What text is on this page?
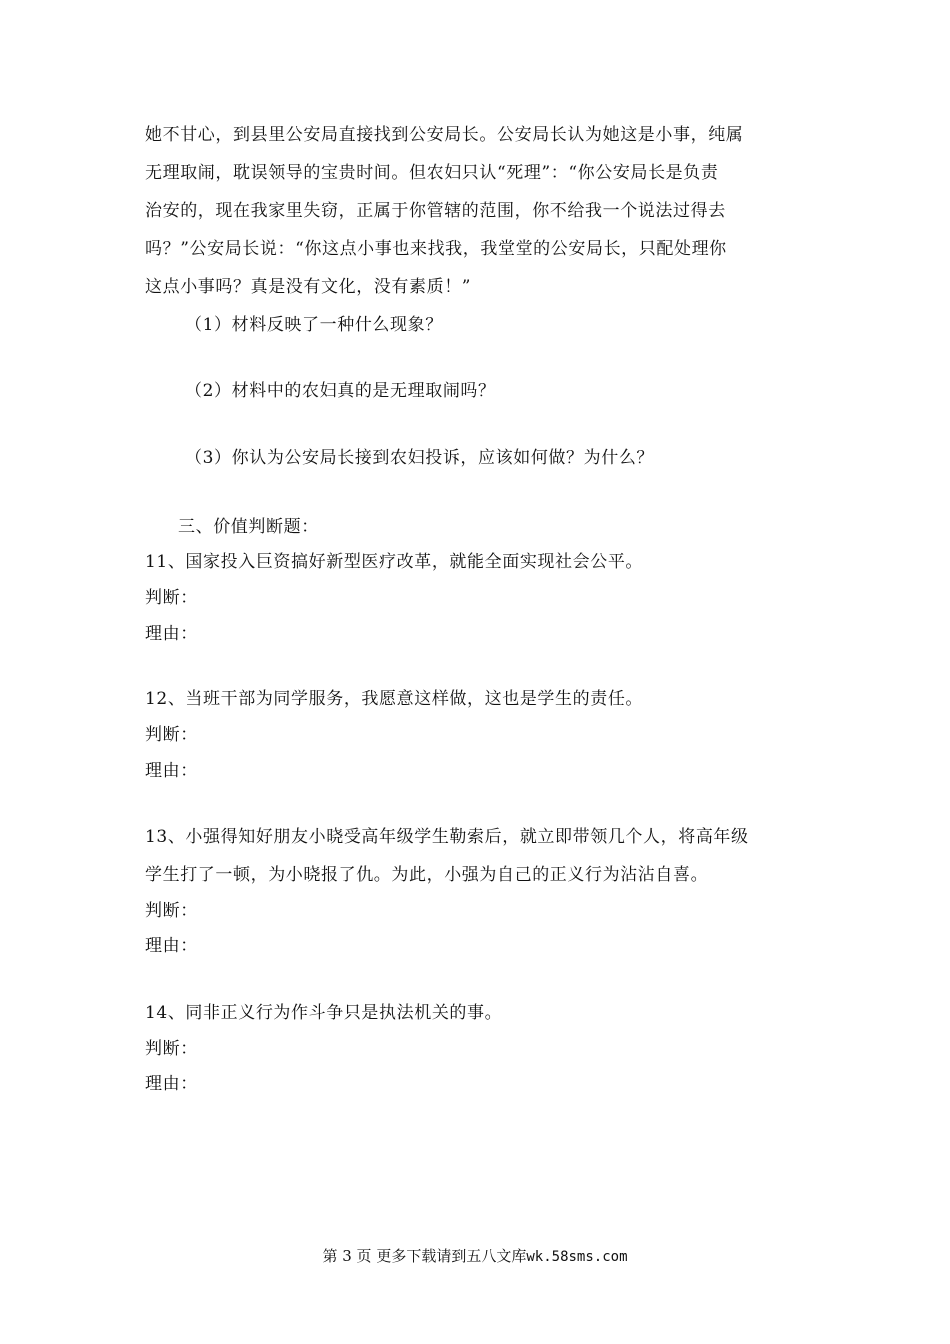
她不甘心，到县里公安局直接找到公安局长。公安局长认为她这是小事，纯属
无理取闹，耽误领导的宝贵时间。但农妇只认“死理”：“你公安局长是负责
治安的，现在我家里失窃，正属于你管辖的范围，你不给我一个说法过得去
吗？”公安局长说：“你这点小事也来找我，我堂堂的公安局长，只配处理你
这点小事吗？真是没有文化，没有素质！”
（1）材料反映了一种什么现象？
（2）材料中的农妇真的是无理取闹吗？
（3）你认为公安局长接到农妇投诉，应该如何做？为什么？
三、价值判断题：
11、国家投入巨资搞好新型医疗改革，就能全面实现社会公平。
判断：
理由：
12、当班干部为同学服务，我愿意这样做，这也是学生的责任。
判断：
理由：
13、小强得知好朋友小晓受高年级学生勒索后，就立即带领几个人，将高年级
学生打了一顿，为小晓报了仇。为此，小强为自己的正义行为沾沾自喜。
判断：
理由：
14、同非正义行为作斗争只是执法机关的事。
判断：
理由：
第 3 页 更多下载请到五八文库wk.58sms.com
